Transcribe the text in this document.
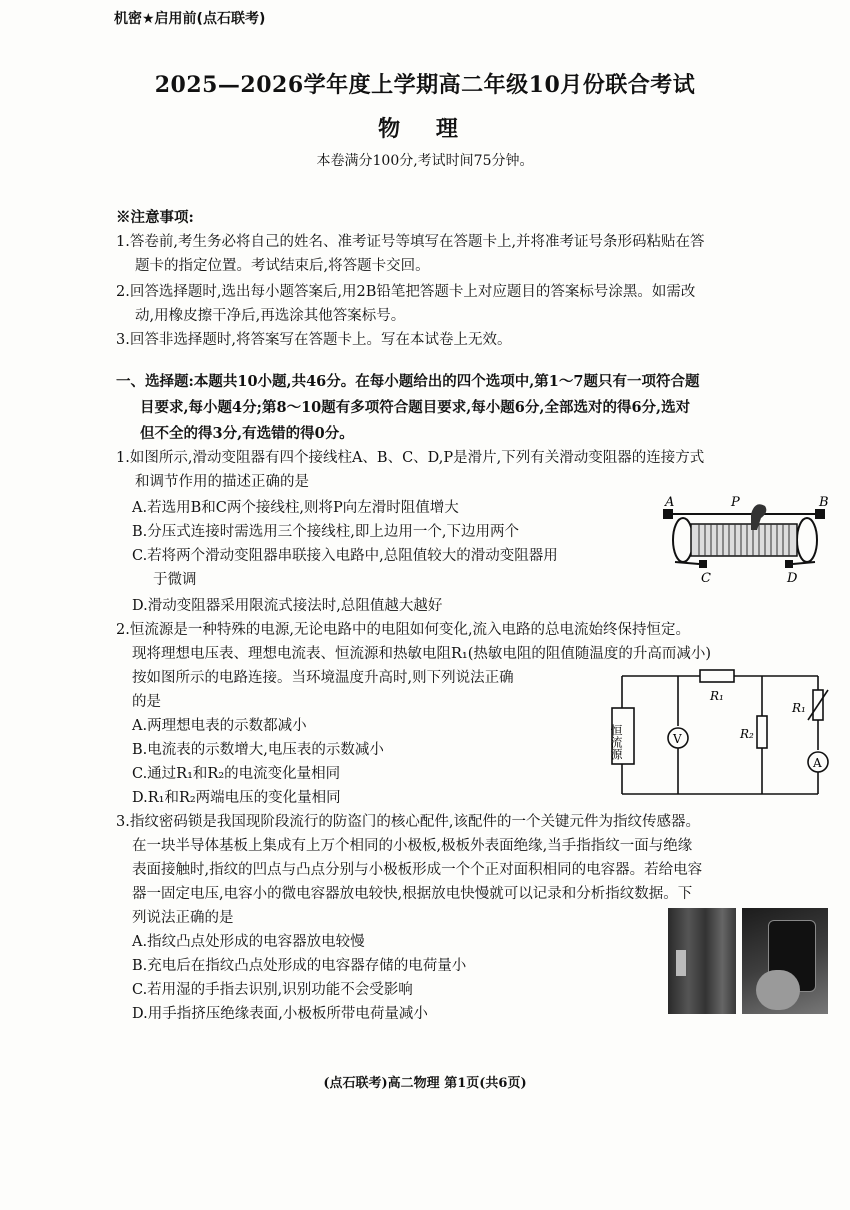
机密★启用前(点石联考)
2025—2026学年度上学期高二年级10月份联合考试
物 理
本卷满分100分,考试时间75分钟。
※注意事项:
1.答卷前,考生务必将自己的姓名、准考证号等填写在答题卡上,并将准考证号条形码粘贴在答
题卡的指定位置。考试结束后,将答题卡交回。
2.回答选择题时,选出每小题答案后,用2B铅笔把答题卡上对应题目的答案标号涂黑。如需改
动,用橡皮擦干净后,再选涂其他答案标号。
3.回答非选择题时,将答案写在答题卡上。写在本试卷上无效。
一、选择题:本题共10小题,共46分。在每小题给出的四个选项中,第1～7题只有一项符合题
目要求,每小题4分;第8～10题有多项符合题目要求,每小题6分,全部选对的得6分,选对
但不全的得3分,有选错的得0分。
1.如图所示,滑动变阻器有四个接线柱A、B、C、D,P是滑片,下列有关滑动变阻器的连接方式
和调节作用的描述正确的是
A.若选用B和C两个接线柱,则将P向左滑时阻值增大
B.分压式连接时需选用三个接线柱,即上边用一个,下边用两个
C.若将两个滑动变阻器串联接入电路中,总阻值较大的滑动变阻器用
于微调
D.滑动变阻器采用限流式接法时,总阻值越大越好
A	P	B
C	D
2.恒流源是一种特殊的电源,无论电路中的电阻如何变化,流入电路的总电流始终保持恒定。
现将理想电压表、理想电流表、恒流源和热敏电阻R₁(热敏电阻的阻值随温度的升高而减小)
按如图所示的电路连接。当环境温度升高时,则下列说法正确
的是
A.两理想电表的示数都减小
B.电流表的示数增大,电压表的示数减小
C.通过R₁和R₂的电流变化量相同
D.R₁和R₂两端电压的变化量相同
恒流源	V
A
R₁
R₂
R₁
3.指纹密码锁是我国现阶段流行的防盗门的核心配件,该配件的一个关键元件为指纹传感器。
在一块半导体基板上集成有上万个相同的小极板,极板外表面绝缘,当手指指纹一面与绝缘
表面接触时,指纹的凹点与凸点分别与小极板形成一个个正对面积相同的电容器。若给电容
器一固定电压,电容小的微电容器放电较快,根据放电快慢就可以记录和分析指纹数据。下
列说法正确的是
A.指纹凸点处形成的电容器放电较慢
B.充电后在指纹凸点处形成的电容器存储的电荷量小
C.若用湿的手指去识别,识别功能不会受影响
D.用手指挤压绝缘表面,小极板所带电荷量减小
(点石联考)高二物理 第1页(共6页)
